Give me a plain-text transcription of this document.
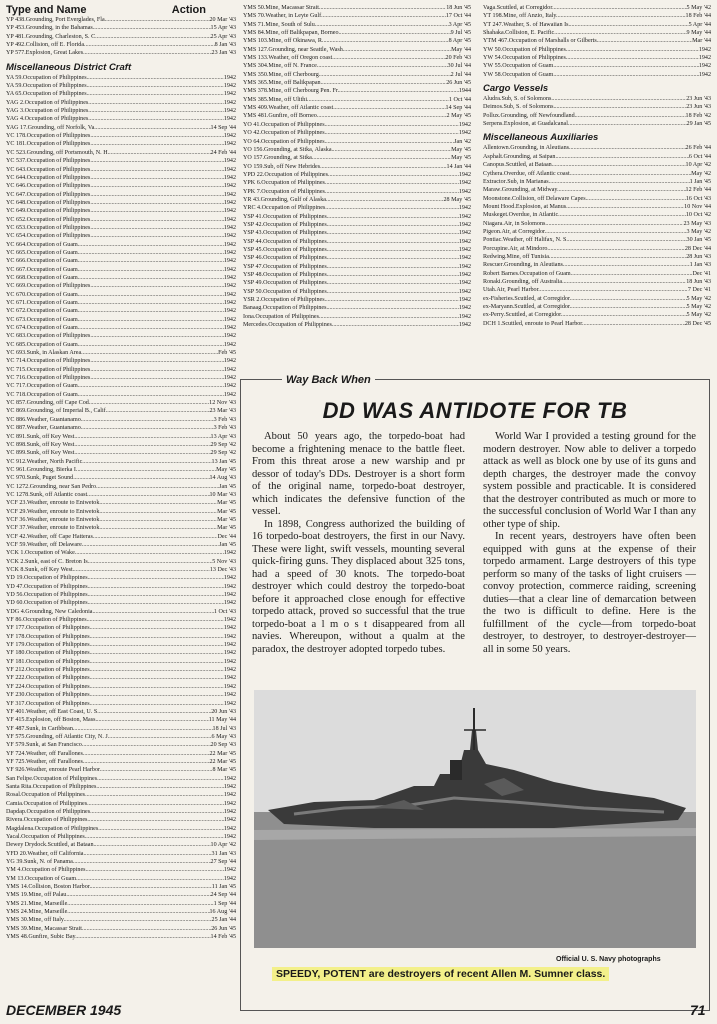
Type and Name	Action
YP 438 .Grounding, Port Everglades, Fla. .....	20 Mar '43
YP 453 .Grounding, in the Bahamas .....	15 Apr '43
YP 481 .Grounding, Charleston, S. C. .....	25 Apr '43
YP 492 .Collision, off E. Florida .....	8 Jan '43
YP 577 .Explosion, Great Lakes .....	23 Jan '43
Miscellaneous District Craft
YA 59 .Occupation of Philippines .....	1942
YA 59 .Occupation of Philippines .....	1942
YA 65 .Occupation of Philippines .....	1942
YAG 2 .Occupation of Philippines .....	1942
YAG 3 .Occupation of Philippines .....	1942
YAG 4 .Occupation of Philippines .....	1942
YAG 17 .Grounding, off Norfolk, Va. .....	14 Sep '44
YC 178 .Occupation of Philippines .....	1942
YC 181 .Occupation of Philippines .....	1942
YC 523 .Grounding, off Portsmouth, N. H. .....	24 Feb '44
YC 537 .Occupation of Philippines .....	1942
YC 643 .Occupation of Philippines .....	1942
YC 644 .Occupation of Philippines .....	1942
YC 646 .Occupation of Philippines .....	1942
YC 647 .Occupation of Philippines .....	1942
YC 648 .Occupation of Philippines .....	1942
YC 649 .Occupation of Philippines .....	1942
YC 652 .Occupation of Philippines .....	1942
YC 653 .Occupation of Philippines .....	1942
YC 654 .Occupation of Philippines .....	1942
YC 664 .Occupation of Guam .....	1942
YC 665 .Occupation of Guam .....	1942
YC 666 .Occupation of Guam .....	1942
YC 667 .Occupation of Guam .....	1942
YC 668 .Occupation of Guam .....	1942
YC 669 .Occupation of Philippines .....	1942
YC 670 .Occupation of Guam .....	1942
YC 671 .Occupation of Guam .....	1942
YC 672 .Occupation of Guam .....	1942
YC 673 .Occupation of Guam .....	1942
YC 674 .Occupation of Guam .....	1942
YC 683 .Occupation of Philippines .....	1942
YC 685 .Occupation of Guam .....	1942
YC 693 .Sunk, in Alaskan Area .....	Feb '45
YC 714 .Occupation of Philippines .....	1942
YC 715 .Occupation of Philippines .....	1942
YC 716 .Occupation of Philippines .....	1942
YC 717 .Occupation of Guam .....	1942
YC 718 .Occupation of Guam .....	1942
YC 857 .Grounding, off Cape Cod .....	12 Nov '43
YC 869 .Grounding, of Imperial B., Calif. .....	23 Mar '43
YC 886 .Weather, Guantanamo .....	3 Feb '43
YC 887 .Weather, Guantanamo .....	3 Feb '43
YC 891 .Sunk, off Key West .....	13 Apr '43
YC 898 .Sunk, off Key West .....	29 Sep '42
YC 899 .Sunk, off Key West .....	29 Sep '42
YC 912 .Weather, North Pacific .....	13 Jan '45
YC 961 .Grounding, Bierka I. .....	May '45
YC 970 .Sunk, Puget Sound .....	14 Aug '43
YC 1272 .Grounding, near San Pedro .....	Jan '45
YC 1278 .Sunk, off Atlantic coast .....	10 Mar '43
YCF 23 .Weather, enroute to Eniwetok .....	Mar '45
YCF 29 .Weather, enroute to Eniwetok .....	Mar '45
YCF 36 .Weather, enroute to Eniwetok .....	Mar '45
YCF 37 .Weather, enroute to Eniwetok .....	Mar '45
YCF 42 .Weather, off Cape Hatteras .....	Dec '44
YCF 59 .Weather, off Delaware .....	Jan '45
YCK 1 .Occupation of Wake .....	1942
YCK 2 .Sunk, east of C. Breton Is. .....	5 Nov '43
YCK 8 .Sunk, off Key West .....	13 Dec '43
YD 19 .Occupation of Philippines .....	1942
YD 47 .Occupation of Philippines .....	1942
YD 56 .Occupation of Philippines .....	1942
YD 60 .Occupation of Philippines .....	1942
YDG 4 .Grounding, New Caledonia .....	1 Oct '43
YF 86 .Occupation of Philippines .....	1942
YF 177 .Occupation of Philippines .....	1942
YF 178 .Occupation of Philippines .....	1942
YF 179 .Occupation of Philippines .....	1942
YF 180 .Occupation of Philippines .....	1942
YF 181 .Occupation of Philippines .....	1942
YF 212 .Occupation of Philippines .....	1942
YF 222 .Occupation of Philippines .....	1942
YF 224 .Occupation of Philippines .....	1942
YF 230 .Occupation of Philippines .....	1942
YF 317 .Occupation of Philippines .....	1942
YF 401 .Weather, off East Coast, U. S. .....	20 Jun '43
YF 415 .Explosion, off Boston, Mass. .....	11 May '44
YF 487 .Sunk, in Caribbean .....	18 Jul '43
YF 575 .Grounding, off Atlantic City, N. J. .....	6 May '43
YF 579 .Sunk, at San Francisco .....	20 Sep '43
YF 724 .Weather, off Farallones .....	22 Mar '45
YF 725 .Weather, off Farallones .....	22 Mar '45
YF 926 .Weather, enroute Pearl Harbor .....	8 Mar '45
San Felipe .Occupation of Philippines .....	1942
Santa Rita .Occupation of Philippines .....	1942
Rosal .Occupation of Philippines .....	1942
Camia .Occupation of Philippines .....	1942
Dapdap .Occupation of Philippines .....	1942
Rivera .Occupation of Philippines .....	1942
Magdalena .Occupation of Philippines .....	1942
Yacal .Occupation of Philippines .....	1942
Dewey Drydock .Scuttled, at Bataan .....	10 Apr '42
YFD 20 .Weather, off California .....	31 Jan '43
YG 39 .Sunk, N. of Panama .....	27 Sep '44
YM 4 .Occupation of Philippines .....	1942
YM 13 .Occupation of Guam .....	1942
YMS 14 .Collision, Boston Harbor .....	11 Jan '45
YMS 19 .Mine, off Palau .....	24 Sep '44
YMS 21 .Mine, Marseille .....	1 Sep '44
YMS 24 .Mine, Marseille .....	16 Aug '44
YMS 30 .Mine, off Italy .....	25 Jan '44
YMS 39 .Mine, Macassar Strait .....	26 Jun '45
YMS 48 .Gunfire, Subic Bay .....	14 Feb '45
YMS 50 .Mine, Macassar Strait .....	18 Jun '45
YMS 70 .Weather, in Leyte Gulf .....	17 Oct '44
YMS 71 .Mine, South of Sulu .....	3 Apr '45
YMS 84 .Mine, off Balikpapan, Borneo .....	9 Jul '45
YMS 103 .Mine, off Okinawa, R. .....	8 Apr '45
YMS 127 .Grounding, near Seattle, Wash. .....	May '44
YMS 133 .Weather, off Oregon coast .....	20 Feb '43
YMS 304 .Mine, off N. France .....	30 Jul '44
YMS 350 .Mine, off Cherbourg .....	2 Jul '44
YMS 365 .Mine, off Balikpapan .....	26 Jun '45
YMS 378 .Mine, off Cherbourg Pen. Fr. .....	1944
YMS 385 .Mine, off Ulithi .....	1 Oct '44
YMS 409 .Weather, off Atlantic coast .....	14 Sep '44
YMS 481 .Gunfire, off Borneo .....	2 May '45
YO 41 .Occupation of Philippines .....	1942
YO 42 .Occupation of Philippines .....	1942
YO 64 .Occupation of Philippines .....	Jan '42
YO 156 .Grounding, at Sitka, Alaska .....	May '45
YO 157 .Grounding, at Sitka .....	May '45
YO 159 .Sub, off New Hebrides .....	14 Jan '44
YPD 22 .Occupation of Philippines .....	1942
YPK 6 .Occupation of Philippines .....	1942
YPK 7 .Occupation of Philippines .....	1942
YR 43 .Grounding, Gulf of Alaska .....	28 May '45
YRC 4 .Occupation of Philippines .....	1942
YSP 41 .Occupation of Philippines .....	1942
YSP 42 .Occupation of Philippines .....	1942
YSP 43 .Occupation of Philippines .....	1942
YSP 44 .Occupation of Philippines .....	1942
YSP 45 .Occupation of Philippines .....	1942
YSP 46 .Occupation of Philippines .....	1942
YSP 47 .Occupation of Philippines .....	1942
YSP 48 .Occupation of Philippines .....	1942
YSP 49 .Occupation of Philippines .....	1942
YSP 50 .Occupation of Philippines .....	1942
YSR 2 .Occupation of Philippines .....	1942
Banaag .Occupation of Philippines .....	1942
Iona .Occupation of Philippines .....	1942
Mercedes .Occupation of Philippines .....	1942
Vaga .Scuttled, at Corregidor .....	5 May '42
YT 198 .Mine, off Anzio, Italy .....	18 Feb '44
YT 247 .Weather, S. of Hawaiian Is. .....	5 Apr '44
Shahaka .Collision, E. Pacific .....	9 May '44
YTM 467 .Occupation of Marshalls or Gilberts .....	Mar '44
YW 50 .Occupation of Philippines .....	1942
YW 54 .Occupation of Philippines .....	1942
YW 55 .Occupation of Guam .....	1942
YW 58 .Occupation of Guam .....	1942
Cargo Vessels
Aludra .Sub, S. of Solomons .....	23 Jun '43
Deimos .Sub, S. of Solomons .....	23 Jun '43
Pollux .Grounding, off Newfoundland .....	18 Feb '42
Serpens .Explosion, at Guadalcanal .....	29 Jan '45
Miscellaneous Auxiliaries
Allentown .Grounding, in Aleutians .....	26 Feb '44
Asphalt .Grounding, at Saipan .....	6 Oct '44
Canopus .Scuttled, at Bataan .....	10 Apr '42
Cythera .Overdue, off Atlantic coast .....	May '42
Extractor .Sub, in Marianas .....	1 Jan '45
Maraw .Grounding, at Midway .....	12 Feb '44
Moonstone .Collision, off Delaware Capes .....	16 Oct '43
Mount Hood .Explosion, at Manus .....	10 Nov '44
Muskeget .Overdue, in Atlantic .....	10 Oct '42
Niagara .Air, in Solomons .....	23 May '43
Pigeon .Air, at Corregidor .....	3 May '42
Pontiac .Weather, off Halifax, N. S. .....	30 Jan '45
Porcupine .Air, at Mindoro .....	28 Dec '44
Redwing .Mine, off Tunisia .....	28 Jun '43
Rescuer .Grounding, in Aleutians .....	1 Jan '43
Robert Barnes .Occupation of Guam .....	Dec '41
Ronaki .Grounding, off Australia .....	18 Jun '43
Utah .Air, Pearl Harbor .....	7 Dec '41
ex-Fisheries .Scuttled, at Corregidor .....	5 May '42
ex-Maryann .Scuttled, at Corregidor .....	5 May '42
ex-Perry .Scuttled, at Corregidor .....	5 May '42
DCH 1 .Scuttled, enroute to Pearl Harbor .....	28 Dec '45
Way Back When
DD WAS ANTIDOTE FOR TB

About 50 years ago, the torpedo-boat had become a frightening menace to the battle fleet. From this threat arose a new warship and pr dessor of today's DDs. Destroyer is a short form of the original name, torpedo-boat destroyer, which indicates the defensive function of the vessel.

In 1898, Congress authorized the building of 16 torpedo-boat destroyers, the first in our Navy. These were light, swift vessels, mounting several quick-firing guns. They displaced about 325 tons, had a speed of 30 knots. The torpedo-boat destroyer which could destroy the torpedo-boat before it approached close enough for effective torpedo attack, proved so successful that the true torpedo-boat a l m o s t disappeared from all navies. Whereupon, without a qualm at the paradox, the destroyer adopted torpedo tubes.

World War I provided a testing ground for the modern destroyer. Now able to deliver a torpedo attack as well as block one by use of its guns and depth charges, the destroyer made the convoy system possible and practicable. It is considered that the destroyer contributed as much or more to the successful conclusion of World War I than any other type of ship.

In recent years, destroyers have often been equipped with guns at the expense of their torpedo armament. Large destroyers of this type perform so many of the tasks of light cruisers — convoy protection, commerce raiding, screening duties—that a clear line of demarcation between the two is difficult to define. Here is the fulfillment of the cycle—from torpedo-boat destroyer, to destroyer, to destroyer-destroyer—all in some 50 years.

Official U. S. Navy photographs
SPEEDY, POTENT are destroyers of recent Allen M. Sumner class.
DECEMBER 1945	71
